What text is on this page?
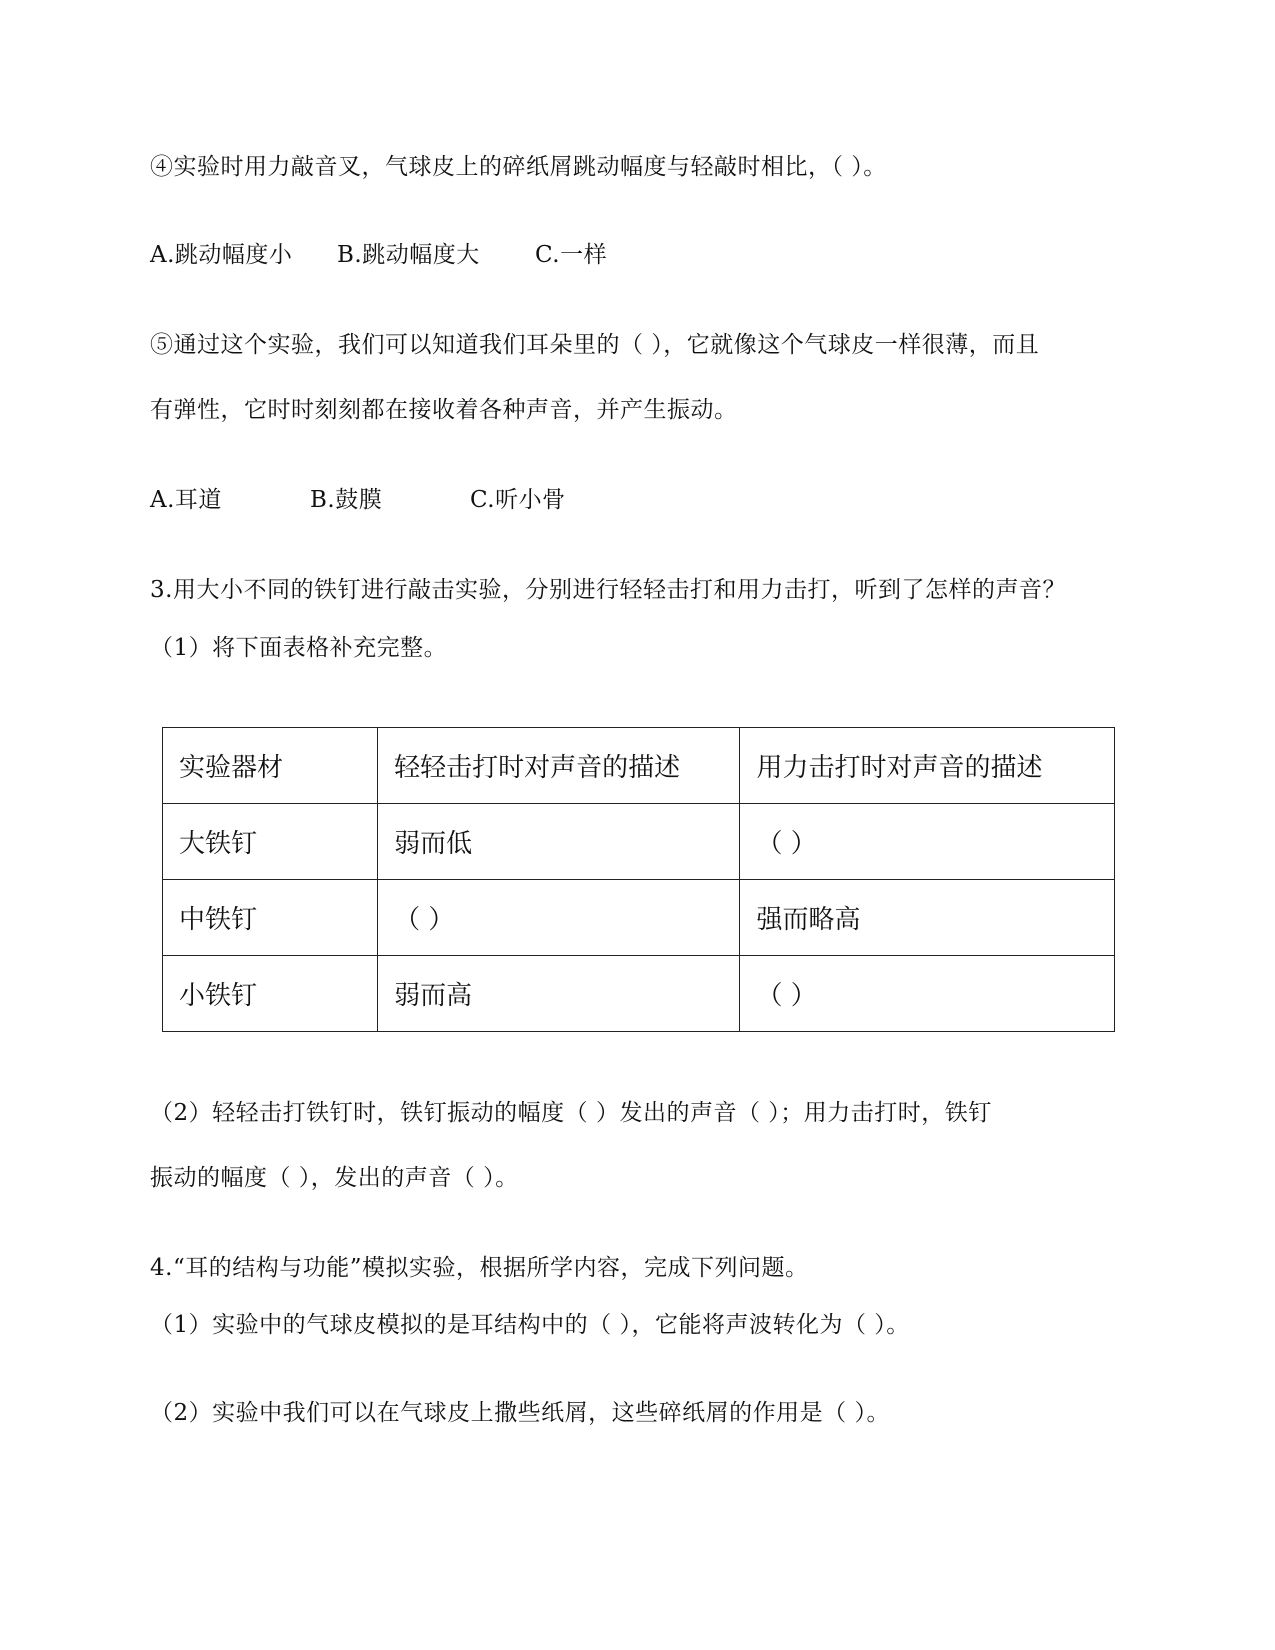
④实验时用力敲音叉，气球皮上的碎纸屑跳动幅度与轻敲时相比，（ ）。
A.跳动幅度小 B.跳动幅度大 C.一样
⑤通过这个实验，我们可以知道我们耳朵里的（ ），它就像这个气球皮一样很薄，而且
有弹性，它时时刻刻都在接收着各种声音，并产生振动。
A.耳道	B.鼓膜	C.听小骨
3.用大小不同的铁钉进行敲击实验，分别进行轻轻击打和用力击打，听到了怎样的声音？
（1）将下面表格补充完整。
实验器材	轻轻击打时对声音的描述	用力击打时对声音的描述
大铁钉	弱而低	（ ）
中铁钉	（ ）	强而略高
小铁钉	弱而高	（ ）
（2）轻轻击打铁钉时，铁钉振动的幅度（ ）发出的声音（ ）；用力击打时，铁钉
振动的幅度（ ），发出的声音（ ）。
4.“耳的结构与功能”模拟实验，根据所学内容，完成下列问题。
（1）实验中的气球皮模拟的是耳结构中的（ ），它能将声波转化为（ ）。
（2）实验中我们可以在气球皮上撒些纸屑，这些碎纸屑的作用是（ ）。
